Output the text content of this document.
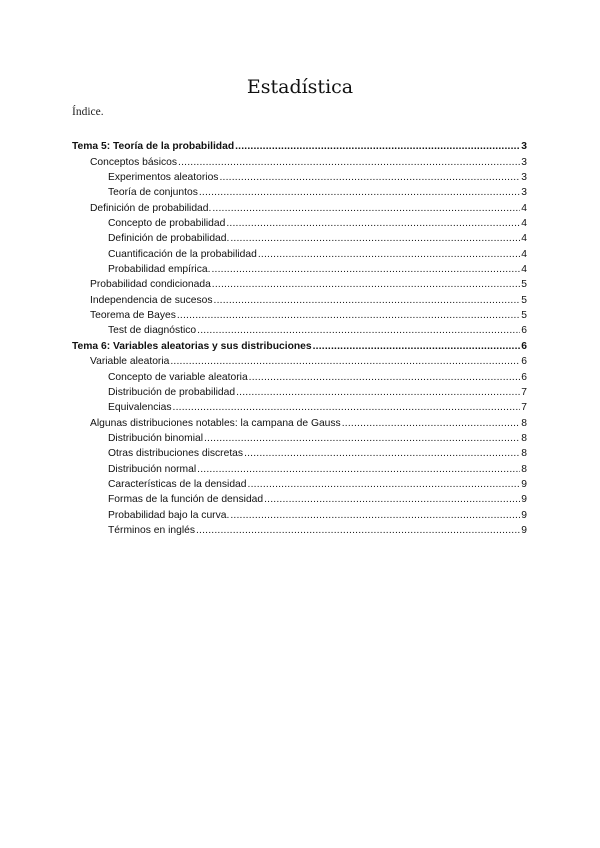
Estadística
Índice.
Tema 5: Teoría de la probabilidad .....	3
Conceptos básicos .....	3
Experimentos aleatorios .....	3
Teoría de conjuntos .....	3
Definición de probabilidad. .....	4
Concepto de probabilidad .....	4
Definición de probabilidad. .....	4
Cuantificación de la probabilidad .....	4
Probabilidad empírica. .....	4
Probabilidad condicionada .....	5
Independencia de sucesos .....	5
Teorema de Bayes .....	5
Test de diagnóstico .....	6
Tema 6: Variables aleatorias y sus distribuciones .....	6
Variable aleatoria .....	6
Concepto de variable aleatoria .....	6
Distribución de probabilidad .....	7
Equivalencias .....	7
Algunas distribuciones notables: la campana de Gauss .....	8
Distribución binomial .....	8
Otras distribuciones discretas .....	8
Distribución normal .....	8
Características de la densidad .....	9
Formas de la función de densidad .....	9
Probabilidad bajo la curva. .....	9
Términos en inglés .....	9
